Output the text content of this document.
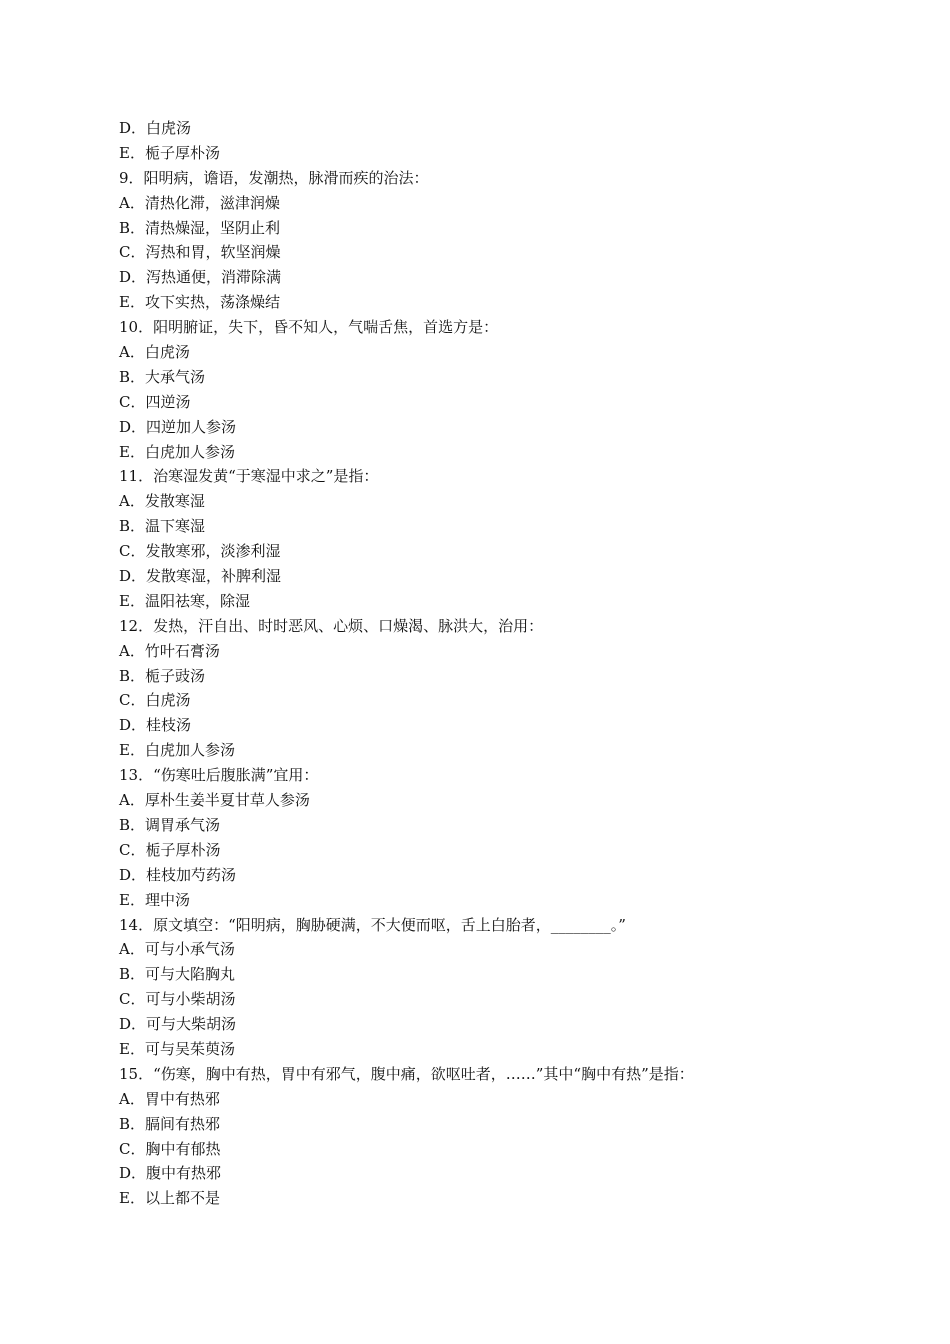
D．白虎汤
E．栀子厚朴汤
9．阳明病，谵语，发潮热，脉滑而疾的治法：
A．清热化滞，滋津润燥
B．清热燥湿，坚阴止利
C．泻热和胃，软坚润燥
D．泻热通便，消滞除满
E．攻下实热，荡涤燥结
10．阳明腑证，失下，昏不知人，气喘舌焦，首选方是：
A．白虎汤
B．大承气汤
C．四逆汤
D．四逆加人参汤
E．白虎加人参汤
11．治寒湿发黄“于寒湿中求之”是指：
A．发散寒湿
B．温下寒湿
C．发散寒邪，淡渗利湿
D．发散寒湿，补脾利湿
E．温阳祛寒，除湿
12．发热，汗自出、时时恶风、心烦、口燥渴、脉洪大，治用：
A．竹叶石膏汤
B．栀子豉汤
C．白虎汤
D．桂枝汤
E．白虎加人参汤
13．“伤寒吐后腹胀满”宜用：
A．厚朴生姜半夏甘草人参汤
B．调胃承气汤
C．栀子厚朴汤
D．桂枝加芍药汤
E．理中汤
14．原文填空：“阳明病，胸胁硬满，不大便而呕，舌上白胎者，________。”
A．可与小承气汤
B．可与大陷胸丸
C．可与小柴胡汤
D．可与大柴胡汤
E．可与吴茱萸汤
15．“伤寒，胸中有热，胃中有邪气，腹中痛，欲呕吐者，……”其中“胸中有热”是指：
A．胃中有热邪
B．膈间有热邪
C．胸中有郁热
D．腹中有热邪
E．以上都不是
